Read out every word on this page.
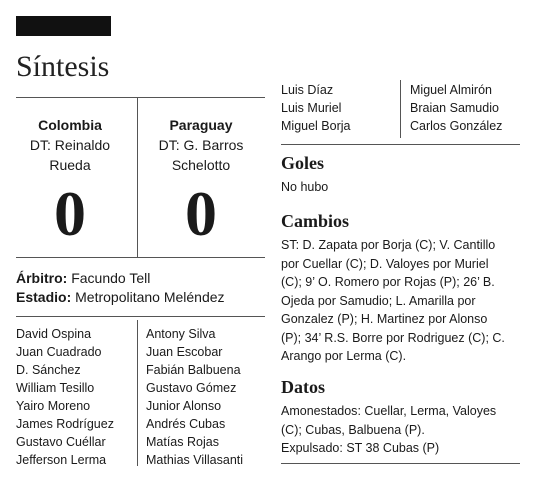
Síntesis
Colombia
DT: Reinaldo
Rueda
0
Paraguay
DT: G. Barros
Schelotto
0
Árbitro: Facundo Tell
Estadio: Metropolitano Meléndez
David Ospina
Juan Cuadrado
D. Sánchez
William Tesillo
Yairo Moreno
James Rodríguez
Gustavo Cuéllar
Jefferson Lerma
Antony Silva
Juan Escobar
Fabián Balbuena
Gustavo Gómez
Junior Alonso
Andrés Cubas
Matías Rojas
Mathias Villasanti
Luis Díaz
Luis Muriel
Miguel Borja
Miguel Almirón
Braian Samudio
Carlos González
Goles
No hubo
Cambios
ST: D. Zapata por Borja (C); V. Cantillo
por Cuellar (C); D. Valoyes por Muriel
(C); 9’ O. Romero por Rojas (P); 26’ B.
Ojeda por Samudio; L. Amarilla por
Gonzalez (P); H. Martinez por Alonso
(P); 34’ R.S. Borre por Rodriguez (C); C.
Arango por Lerma (C).
Datos
Amonestados: Cuellar, Lerma, Valoyes
(C); Cubas, Balbuena (P).
Expulsado: ST 38 Cubas (P)
